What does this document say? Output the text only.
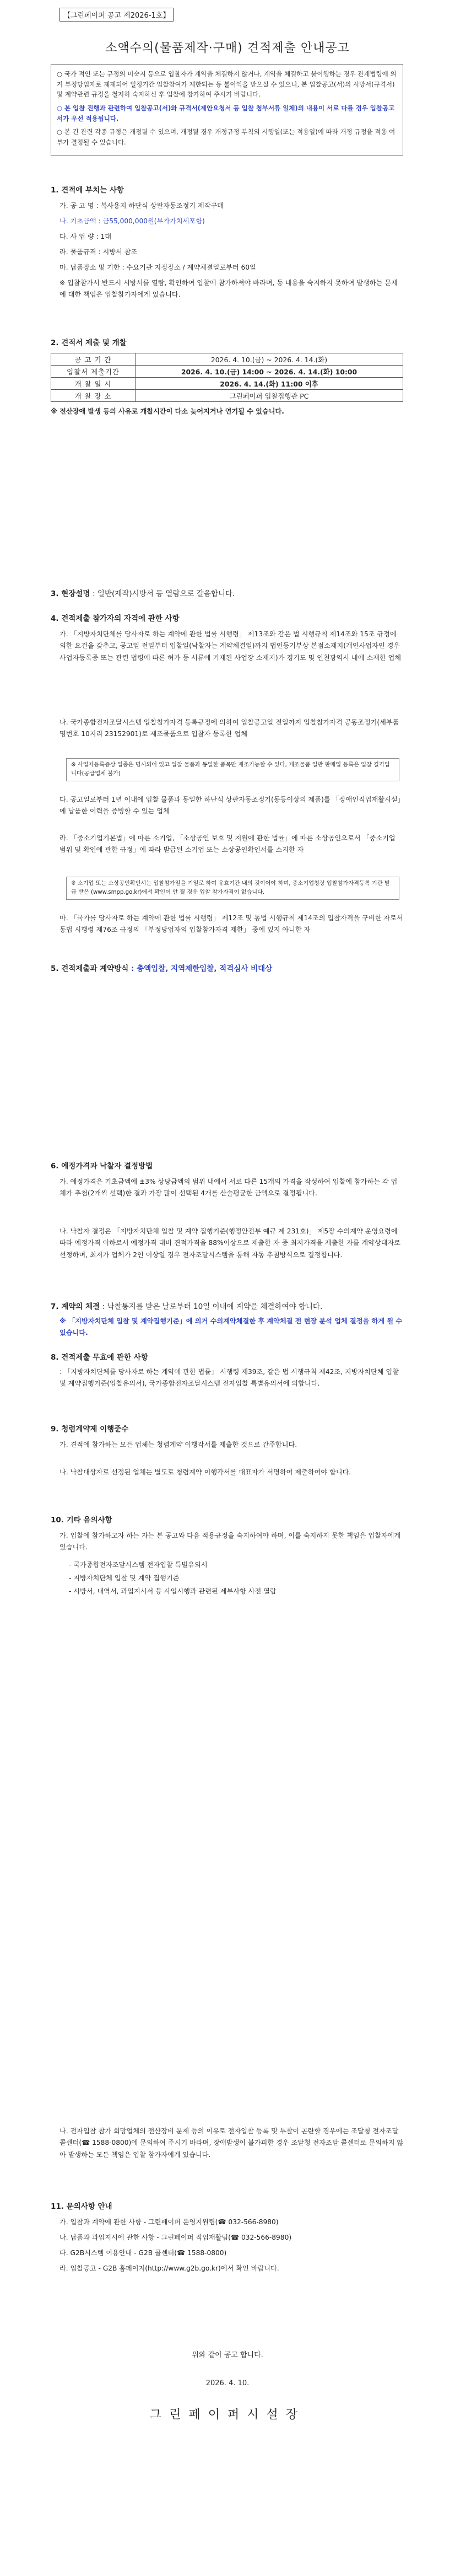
【그린페이퍼 공고 제2026-1호】
소액수의(물품제작·구매) 견적제출 안내공고

○ 국가 적인 또는 규정의 미숙지 등으로 입찰자가 계약을 체결하지 않거나, 계약을 체결하고 불이행하는 경우 관계법령에 의거 부정당업자로 제재되어 일정기간 입찰참여가 제한되는 등 불이익을 받으실 수 있으니, 본 입찰공고(서)의 시방서(규격서) 및 계약관련 규정을 철저히 숙지하신 후 입찰에 참가하여 주시기 바랍니다.

○ 본 입찰 진행과 관련하여 입찰공고(서)와 규격서(제안요청서 등 입찰 첨부서류 일체)의 내용이 서로 다를 경우 입찰공고서가 우선 적용됩니다.

○ 본 건 관련 각종 규정은 개정될 수 있으며, 개정될 경우 개정규정 부칙의 시행일(또는 적용일)에 따라 개정 규정을 적용 여부가 결정될 수 있습니다.

1. 견적에 부치는 사항
가. 공 고 명 : 복사용지 하단식 상판자동조정기 제작구매
나. 기초금액 : 금55,000,000원(부가가치세포함)
다. 사 업 량 : 1대
라. 물품규격 : 시방서 참조
마. 납품장소 및 기한 : 수요기관 지정장소 / 계약체결일로부터 60일
※ 입찰참가서 반드시 시방서를 열람, 확인하여 입찰에 참가하셔야 바라며, 동 내용을 숙지하지 못하여 발생하는 문제에 대한 책임은 입찰참가자에게 있습니다.
2. 견적서 제출 및 개찰
공 고 기 간	2026. 4. 10.(금) ~ 2026. 4. 14.(화)
입찰서 제출기간	2026. 4. 10.(금) 14:00 ~ 2026. 4. 14.(화) 10:00
개 찰 일 시	2026. 4. 14.(화) 11:00 이후
개 찰 장 소	그린페이퍼 입찰집행관 PC
※ 전산장애 발생 등의 사유로 개찰시간이 다소 늦어지거나 연기될 수 있습니다.
3. 현장설명 : 일반(제작)시방서 등 열람으로 갈음합니다.
4. 견적제출 참가자의 자격에 관한 사항
가. 「지방자치단체를 당사자로 하는 계약에 관한 법률 시행령」 제13조와 같은 법 시행규칙 제14조와 15조 규정에 의한 요건을 갖추고, 공고일 전일부터 입찰일(낙찰자는 계약체결일)까지 법인등기부상 본점소재지(개인사업자인 경우 사업자등록증 또는 관련 법령에 따른 허가 등 서류에 기재된 사업장 소재지)가 경기도 및 인천광역시 내에 소재한 업체
나. 국가종합전자조달시스템 입찰참가자격 등록규정에 의하여 입찰공고일 전일까지 입찰참가자격 공동조정기(세부품명번호 10지리 23152901)로 제조물품으로 입찰자 등록한 업체
※ 사업자등록증상 업종은 명시되어 있고 입찰 물품과 동일한 품목만 제조가능할 수 있다, 제조물품 일반 판매업 등록은 입찰 결격입니다(공급업체 불가)
다. 공고일로부터 1년 이내에 입찰 물품과 동일한 하단식 상판자동조정기(동등이상의 제품)를 「장애인직업재활시설」에 납품한 이력을 증빙할 수 있는 업체
라. 「중소기업기본법」에 따른 소기업, 「소상공인 보호 및 지원에 관한 법률」에 따른 소상공인으로서 「중소기업 범위 및 확인에 관한 규정」에 따라 발급된 소기업 또는 소상공인확인서를 소지한 자
※ 소기업 또는 소상공인확인서는 입찰참가일을 기일로 하여 유효기간 내의 것이어야 하며, 중소기업청장 입찰참가자격등록 기관 발급 받은 (www.smpp.go.kr)에서 확인이 안 될 경우 입찰 참가자격이 없습니다.
마. 「국가를 당사자로 하는 계약에 관한 법률 시행령」 제12조 및 동법 시행규칙 제14조의 입찰자격을 구비한 자로서 동법 시행령 제76조 규정의 「부정당업자의 입찰참가자격 제한」 중에 있지 아니한 자
5. 견적제출과 계약방식 : 총액입찰, 지역제한입찰, 적격심사 비대상
6. 예정가격과 낙찰자 결정방법
가. 예정가격은 기초금액에 ±3% 상당금액의 범위 내에서 서로 다른 15개의 가격을 작성하여 입찰에 참가하는 각 업체가 추첨(2개씩 선택)한 결과 가장 많이 선택된 4개를 산술평균한 금액으로 결정됩니다.
나. 낙찰자 결정은 「지방자치단체 입찰 및 계약 집행기준(행정안전부 예규 제 231호)」 제5장 수의계약 운영요령에 따라 예정가격 이하로서 예정가격 대비 견적가격을 88%이상으로 제출한 자 중 최저가격을 제출한 자를 계약상대자로 선정하며, 최저가 업체가 2인 이상일 경우 전자조달시스템을 통해 자동 추첨방식으로 결정합니다.
7. 계약의 체결 : 낙찰통지를 받은 날로부터 10일 이내에 계약을 체결하여야 합니다.
※ 「지방자치단체 입찰 및 계약집행기준」에 의거 수의계약체결한 후 계약체결 전 현장 분석 업체 결정을 하게 될 수 있습니다.
8. 견적제출 무효에 관한 사항
: 「지방자치단체를 당사자로 하는 계약에 관한 법률」 시행령 제39조, 같은 법 시행규칙 제42조, 지방자치단체 입찰 및 계약집행기준(입찰유의서), 국가종합전자조달시스템 전자입찰 특별유의서에 의합니다.
9. 청렴계약제 이행준수
가. 견적에 참가하는 모든 업체는 청렴계약 이행각서를 제출한 것으로 간주합니다.
나. 낙찰대상자로 선정된 업체는 별도로 청렴계약 이행각서를 대표자가 서명하여 제출하여야 합니다.
10. 기타 유의사항
가. 입찰에 참가하고자 하는 자는 본 공고와 다음 적용규정을 숙지하여야 하며, 이를 숙지하지 못한 책임은 입찰자에게 있습니다.
- 국가종합전자조달시스템 전자입찰 특별유의서
- 지방자치단체 입찰 및 계약 집행기준
- 시방서, 내역서, 과업지시서 등 사업시행과 관련된 세부사항 사전 열람
나. 전자입찰 참가 희망업체의 전산장비 문제 등의 이유로 전자입찰 등록 및 투찰이 곤란할 경우에는 조달청 전자조달 콜센터(☎ 1588-0800)에 문의하여 주시기 바라며, 장애발생이 불가피한 경우 조달청 전자조달 콜센터로 문의하지 않아 발생하는 모든 책임은 입찰 참가자에게 있습니다.
11. 문의사항 안내
가. 입찰과 계약에 관한 사항 - 그린페이퍼 운영지원팀(☎ 032-566-8980)
나. 납품과 과업지시에 관한 사항 - 그린페이퍼 직업재활팀(☎ 032-566-8980)
다. G2B시스템 이용안내 - G2B 콜센터(☎ 1588-0800)
라. 입찰공고 - G2B 홈페이지(http://www.g2b.go.kr)에서 확인 바랍니다.
위와 같이 공고 합니다.
2026. 4. 10.
그린페이퍼시설장
